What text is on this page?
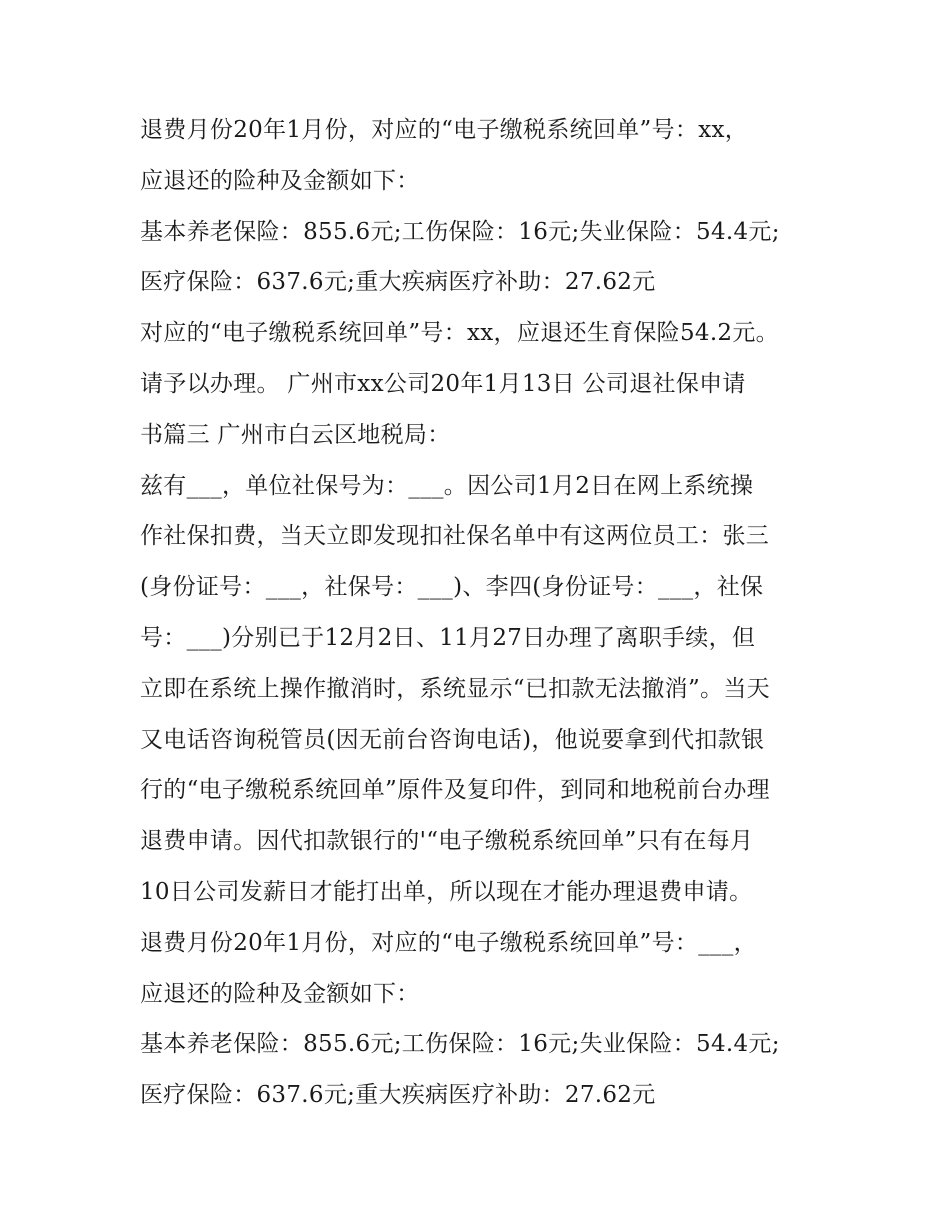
退费月份20年1月份，对应的“电子缴税系统回单”号：xx，
应退还的险种及金额如下：
基本养老保险：855.6元;工伤保险：16元;失业保险：54.4元;
医疗保险：637.6元;重大疾病医疗补助：27.62元
对应的“电子缴税系统回单”号：xx，应退还生育保险54.2元。
请予以办理。 广州市xx公司20年1月13日 公司退社保申请
书篇三 广州市白云区地税局：
兹有___，单位社保号为：___。因公司1月2日在网上系统操
作社保扣费，当天立即发现扣社保名单中有这两位员工：张三
(身份证号：___，社保号：___)、李四(身份证号：___，社保
号：___)分别已于12月2日、11月27日办理了离职手续，但
立即在系统上操作撤消时，系统显示“已扣款无法撤消”。当天
又电话咨询税管员(因无前台咨询电话)，他说要拿到代扣款银
行的“电子缴税系统回单”原件及复印件，到同和地税前台办理
退费申请。因代扣款银行的'“电子缴税系统回单”只有在每月
10日公司发薪日才能打出单，所以现在才能办理退费申请。
退费月份20年1月份，对应的“电子缴税系统回单”号：___，
应退还的险种及金额如下：
基本养老保险：855.6元;工伤保险：16元;失业保险：54.4元;
医疗保险：637.6元;重大疾病医疗补助：27.62元
